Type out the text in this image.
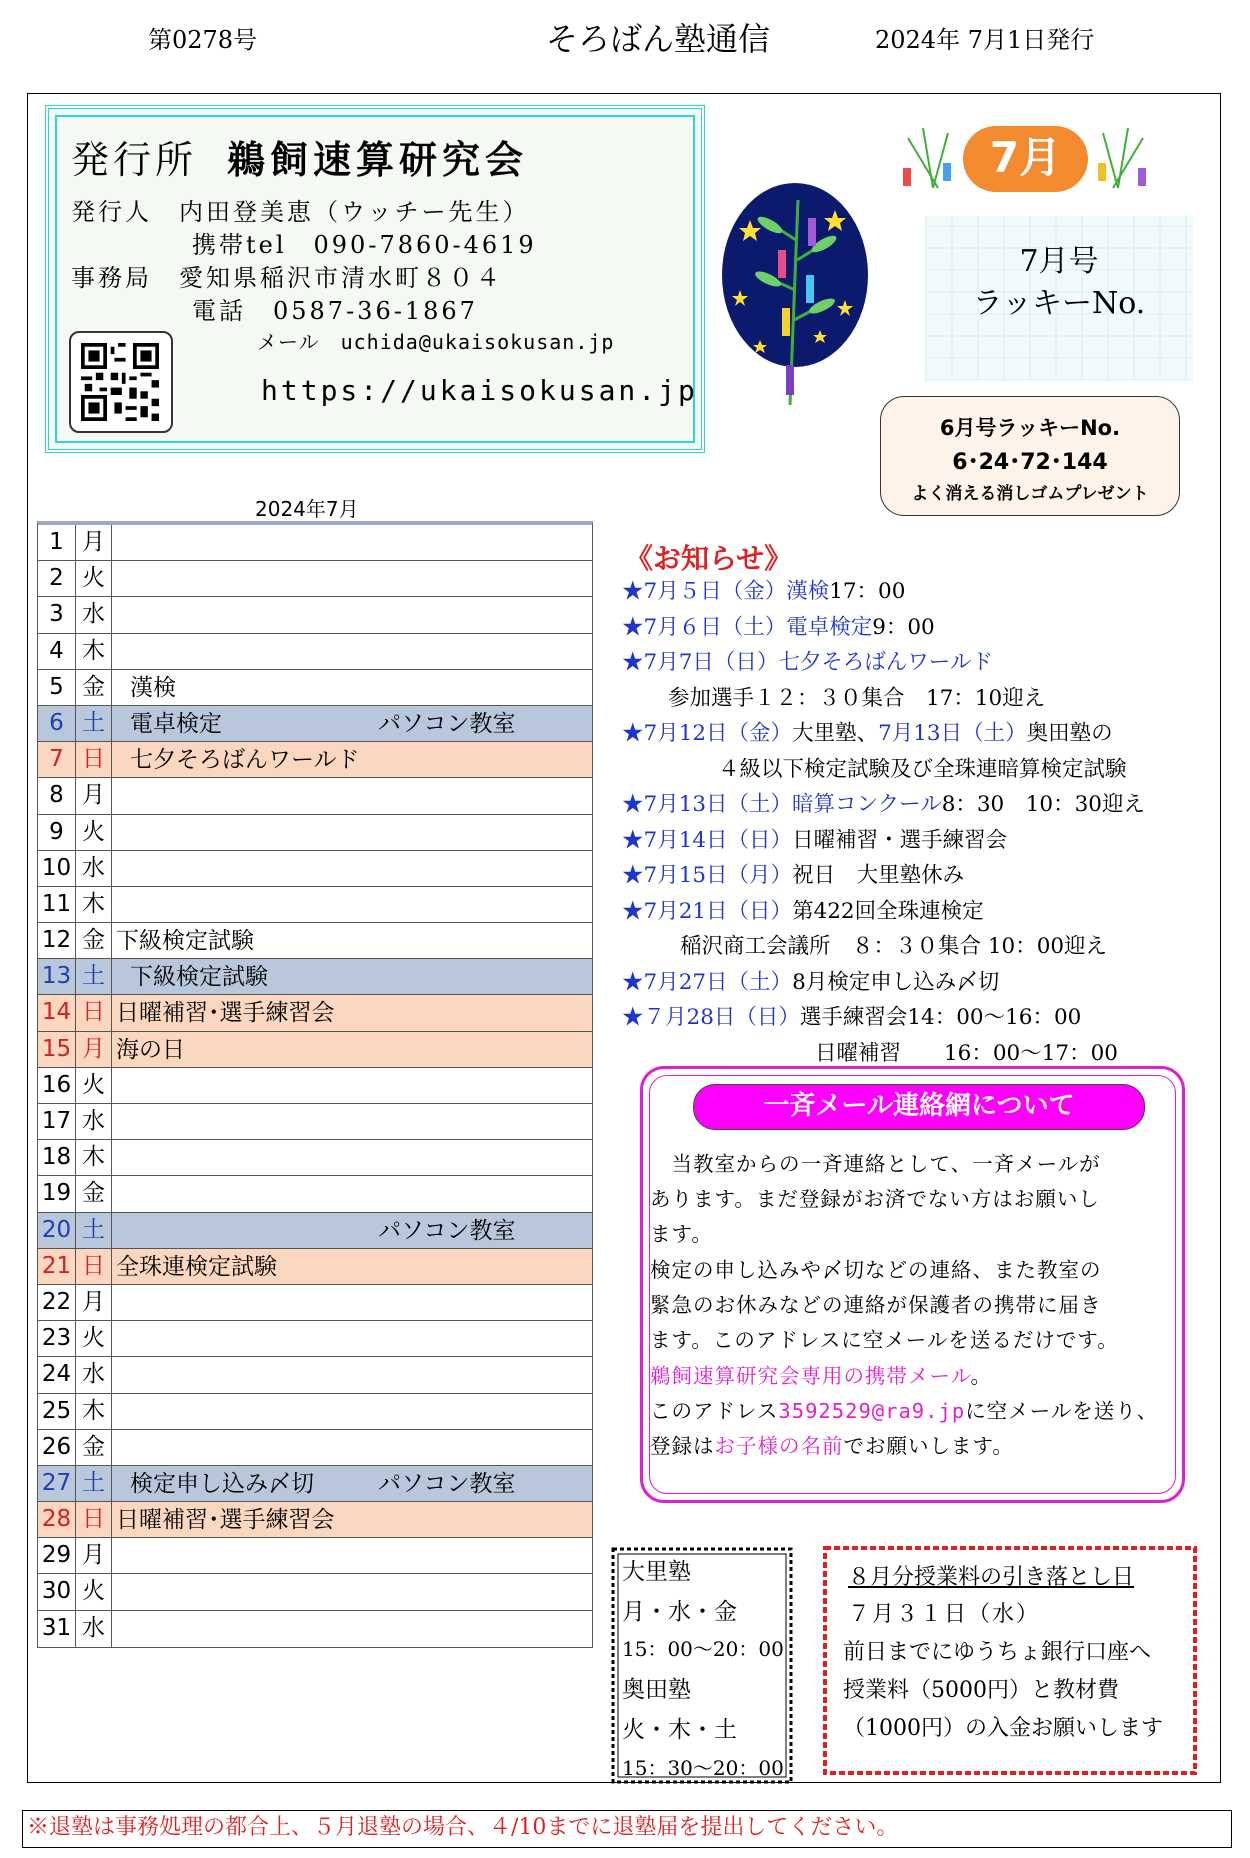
第0278号	そろばん塾通信	2024年 7月1日発行
発行所 鵜飼速算研究会
発行人　内田登美恵（ウッチー先生）
携帯tel　090-7860-4619
事務局　愛知県稲沢市清水町８０４
電話　0587-36-1867
メール　uchida@ukaisokusan.jp
https://ukaisokusan.jp
7月
7月号
ラッキーNo.
6月号ラッキーNo.
6･24･72･144
よく消える消しゴムプレゼント
2024年7月
1 月
2 火
3 水
4 木
5 金	漢検
6 土	電卓検定	パソコン教室
7 日	七夕そろばんワールド
8 月
9 火
10 水
11 木
12 金 下級検定試験
13 土	下級検定試験
14 日 日曜補習･選手練習会
15 月 海の日
16 火
17 水
18 木
19 金
20 土	パソコン教室
21 日 全珠連検定試験
22 月
23 火
24 水
25 木
26 金
27 土	検定申し込み〆切	パソコン教室
28 日 日曜補習･選手練習会
29 月
30 火
31 水
《お知らせ》
★7月５日（金）漢検17：00
★7月６日（土）電卓検定9：00
★7月7日（日）七夕そろばんワールド
参加選手１２：３０集合　17：10迎え
★7月12日（金）大里塾、7月13日（土）奥田塾の
４級以下検定試験及び全珠連暗算検定試験
★7月13日（土）暗算コンクール8：30　10：30迎え
★7月14日（日）日曜補習・選手練習会
★7月15日（月）祝日　大里塾休み
★7月21日（日）第422回全珠連検定
稲沢商工会議所　８：３０集合 10：00迎え
★7月27日（土）8月検定申し込み〆切
★７月28日（日）選手練習会14：00～16：00
日曜補習　　16：00～17：00
一斉メール連絡網について
　当教室からの一斉連絡として、一斉メールが
あります。まだ登録がお済でない方はお願いし
ます。
検定の申し込みや〆切などの連絡、また教室の
緊急のお休みなどの連絡が保護者の携帯に届き
ます。このアドレスに空メールを送るだけです。
鵜飼速算研究会専用の携帯メール。
このアドレス3592529@ra9.jpに空メールを送り、
登録はお子様の名前でお願いします。
大里塾
月・水・金
15：00～20：00
奥田塾
火・木・土
15：30～20：00
８月分授業料の引き落とし日
７月３１日（水）
前日までにゆうちょ銀行口座へ
授業料（5000円）と教材費
（1000円）の入金お願いします
※退塾は事務処理の都合上、５月退塾の場合、４/10までに退塾届を提出してください。
